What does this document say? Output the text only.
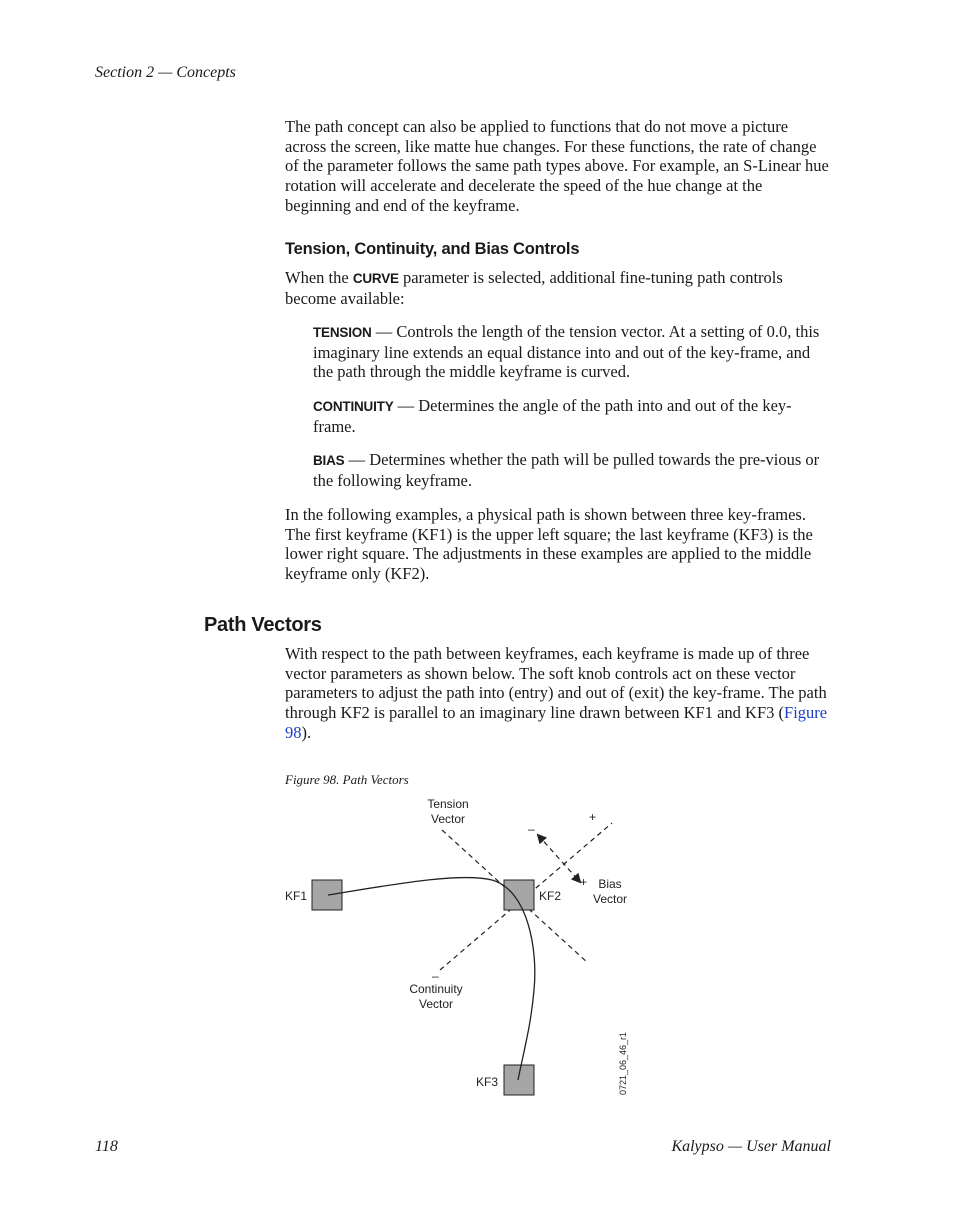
Section 2 — Concepts

The path concept can also be applied to functions that do not move a picture across the screen, like matte hue changes. For these functions, the rate of change of the parameter follows the same path types above. For example, an S-Linear hue rotation will accelerate and decelerate the speed of the hue change at the beginning and end of the keyframe.

Tension, Continuity, and Bias Controls

When the CURVE parameter is selected, additional fine-tuning path controls become available:

TENSION — Controls the length of the tension vector. At a setting of 0.0, this imaginary line extends an equal distance into and out of the key-frame, and the path through the middle keyframe is curved.

CONTINUITY — Determines the angle of the path into and out of the key-frame.

BIAS — Determines whether the path will be pulled towards the pre-vious or the following keyframe.

In the following examples, a physical path is shown between three key-frames. The first keyframe (KF1) is the upper left square; the last keyframe (KF3) is the lower right square. The adjustments in these examples are applied to the middle keyframe only (KF2).

Path Vectors

With respect to the path between keyframes, each keyframe is made up of three vector parameters as shown below. The soft knob controls act on these vector parameters to adjust the path into (entry) and out of (exit) the key-frame. The path through KF2 is parallel to an imaginary line drawn between KF1 and KF3 (Figure 98).

Figure 98. Path Vectors
Tension
Vector
–
+
+ Bias
Vector
KF1	KF2
KF3
–
Continuity
Vector
0721_06_46_r1
118	Kalypso — User Manual
